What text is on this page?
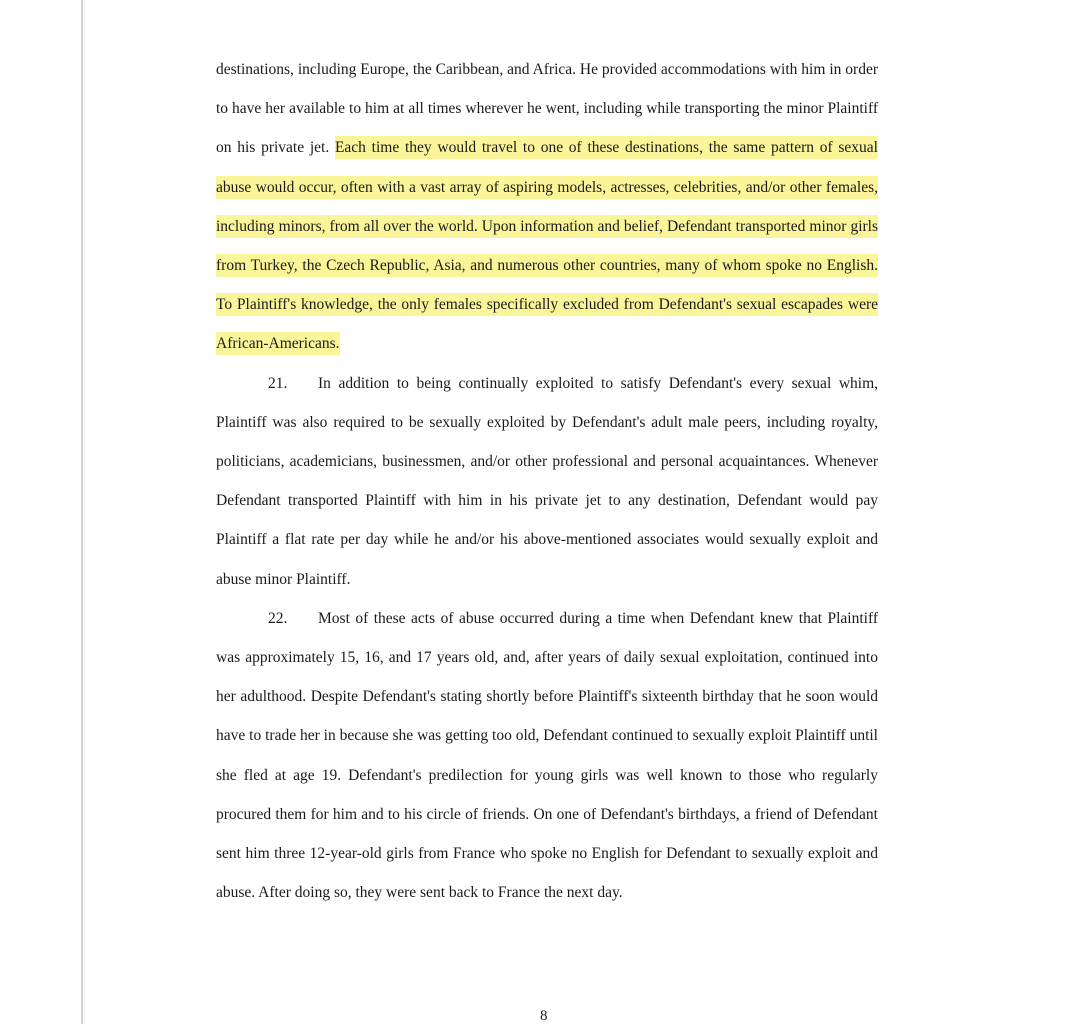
destinations, including Europe, the Caribbean, and Africa. He provided accommodations with him in order to have her available to him at all times wherever he went, including while transporting the minor Plaintiff on his private jet. Each time they would travel to one of these destinations, the same pattern of sexual abuse would occur, often with a vast array of aspiring models, actresses, celebrities, and/or other females, including minors, from all over the world. Upon information and belief, Defendant transported minor girls from Turkey, the Czech Republic, Asia, and numerous other countries, many of whom spoke no English. To Plaintiff's knowledge, the only females specifically excluded from Defendant's sexual escapades were African-Americans.

21. In addition to being continually exploited to satisfy Defendant's every sexual whim, Plaintiff was also required to be sexually exploited by Defendant's adult male peers, including royalty, politicians, academicians, businessmen, and/or other professional and personal acquaintances. Whenever Defendant transported Plaintiff with him in his private jet to any destination, Defendant would pay Plaintiff a flat rate per day while he and/or his above-mentioned associates would sexually exploit and abuse minor Plaintiff.

22. Most of these acts of abuse occurred during a time when Defendant knew that Plaintiff was approximately 15, 16, and 17 years old, and, after years of daily sexual exploitation, continued into her adulthood. Despite Defendant's stating shortly before Plaintiff's sixteenth birthday that he soon would have to trade her in because she was getting too old, Defendant continued to sexually exploit Plaintiff until she fled at age 19. Defendant's predilection for young girls was well known to those who regularly procured them for him and to his circle of friends. On one of Defendant's birthdays, a friend of Defendant sent him three 12-year-old girls from France who spoke no English for Defendant to sexually exploit and abuse. After doing so, they were sent back to France the next day.

8
